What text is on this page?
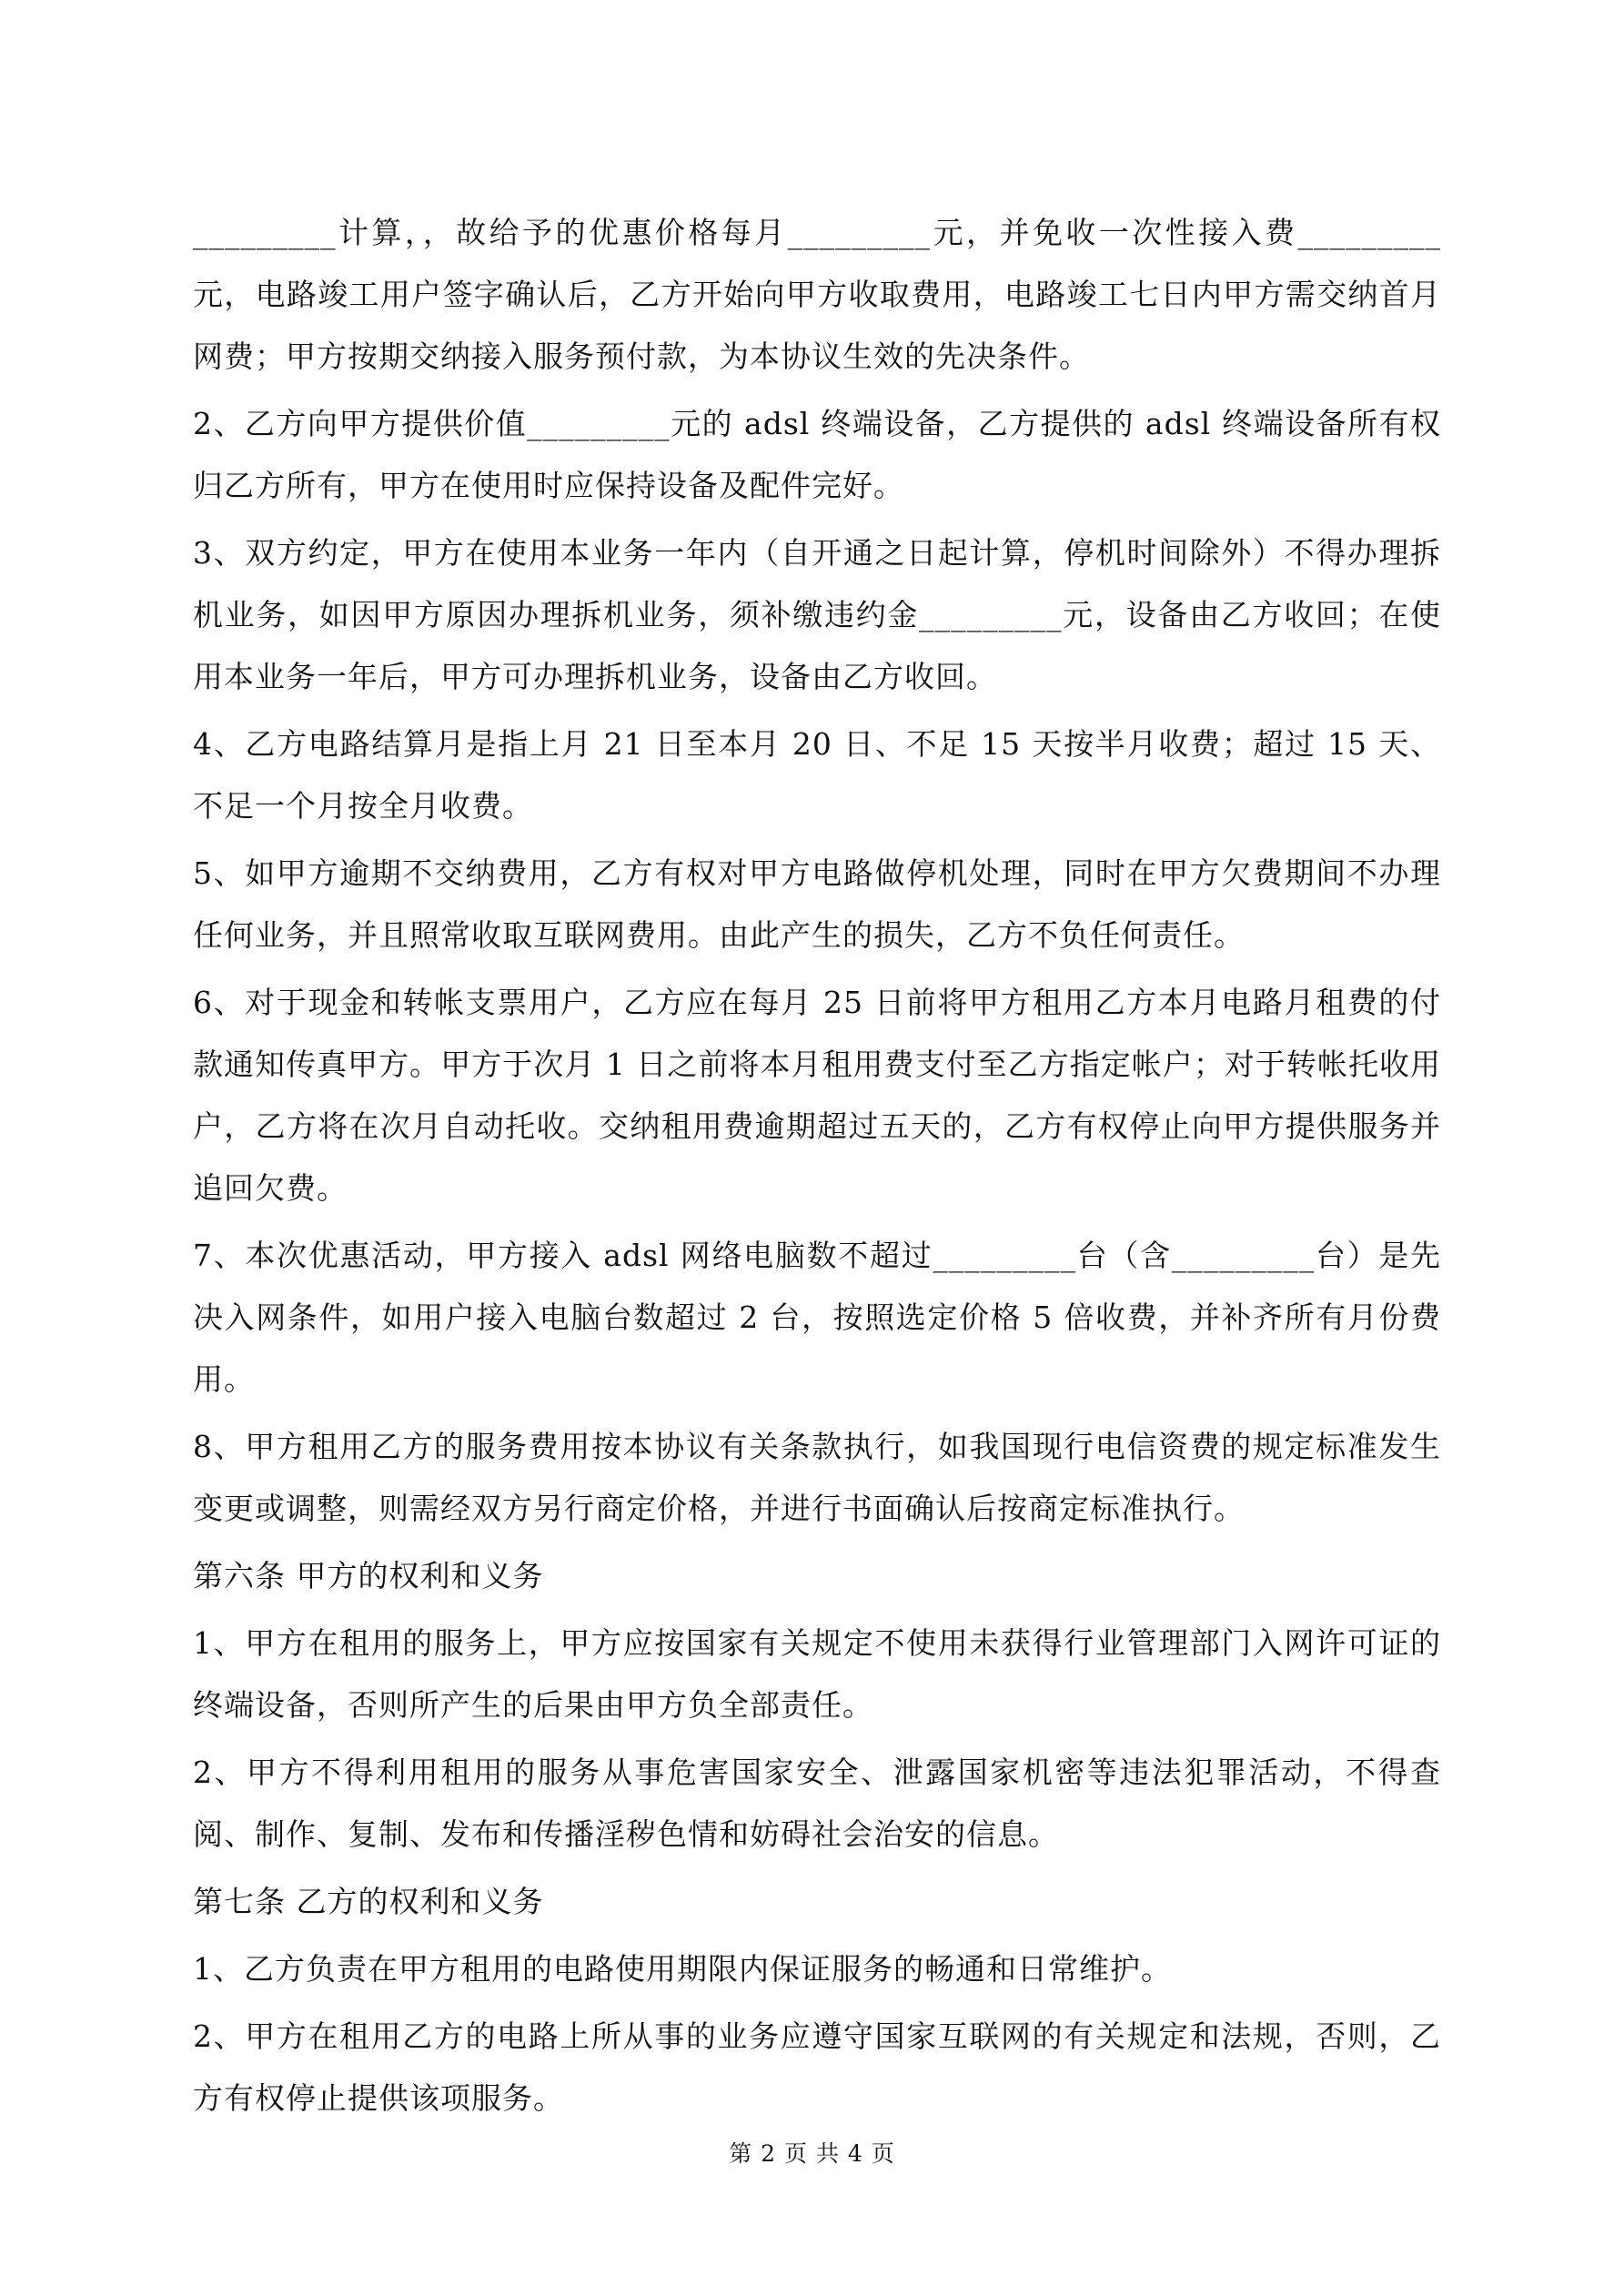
_________计算，，故给予的优惠价格每月_________元，并免收一次性接入费_________元，电路竣工用户签字确认后，乙方开始向甲方收取费用，电路竣工七日内甲方需交纳首月网费；甲方按期交纳接入服务预付款，为本协议生效的先决条件。

2、乙方向甲方提供价值_________元的 adsl 终端设备，乙方提供的 adsl 终端设备所有权归乙方所有，甲方在使用时应保持设备及配件完好。

3、双方约定，甲方在使用本业务一年内（自开通之日起计算，停机时间除外）不得办理拆机业务，如因甲方原因办理拆机业务，须补缴违约金_________元，设备由乙方收回；在使用本业务一年后，甲方可办理拆机业务，设备由乙方收回。

4、乙方电路结算月是指上月 21 日至本月 20 日、不足 15 天按半月收费；超过 15 天、不足一个月按全月收费。

5、如甲方逾期不交纳费用，乙方有权对甲方电路做停机处理，同时在甲方欠费期间不办理任何业务，并且照常收取互联网费用。由此产生的损失，乙方不负任何责任。

6、对于现金和转帐支票用户，乙方应在每月 25 日前将甲方租用乙方本月电路月租费的付款通知传真甲方。甲方于次月 1 日之前将本月租用费支付至乙方指定帐户；对于转帐托收用户，乙方将在次月自动托收。交纳租用费逾期超过五天的，乙方有权停止向甲方提供服务并追回欠费。

7、本次优惠活动，甲方接入 adsl 网络电脑数不超过_________台（含_________台）是先决入网条件，如用户接入电脑台数超过 2 台，按照选定价格 5 倍收费，并补齐所有月份费用。

8、甲方租用乙方的服务费用按本协议有关条款执行，如我国现行电信资费的规定标准发生变更或调整，则需经双方另行商定价格，并进行书面确认后按商定标准执行。

第六条 甲方的权利和义务

1、甲方在租用的服务上，甲方应按国家有关规定不使用未获得行业管理部门入网许可证的终端设备，否则所产生的后果由甲方负全部责任。

2、甲方不得利用租用的服务从事危害国家安全、泄露国家机密等违法犯罪活动，不得查阅、制作、复制、发布和传播淫秽色情和妨碍社会治安的信息。

第七条 乙方的权利和义务

1、乙方负责在甲方租用的电路使用期限内保证服务的畅通和日常维护。

2、甲方在租用乙方的电路上所从事的业务应遵守国家互联网的有关规定和法规，否则，乙方有权停止提供该项服务。

第 2 页 共 4 页
